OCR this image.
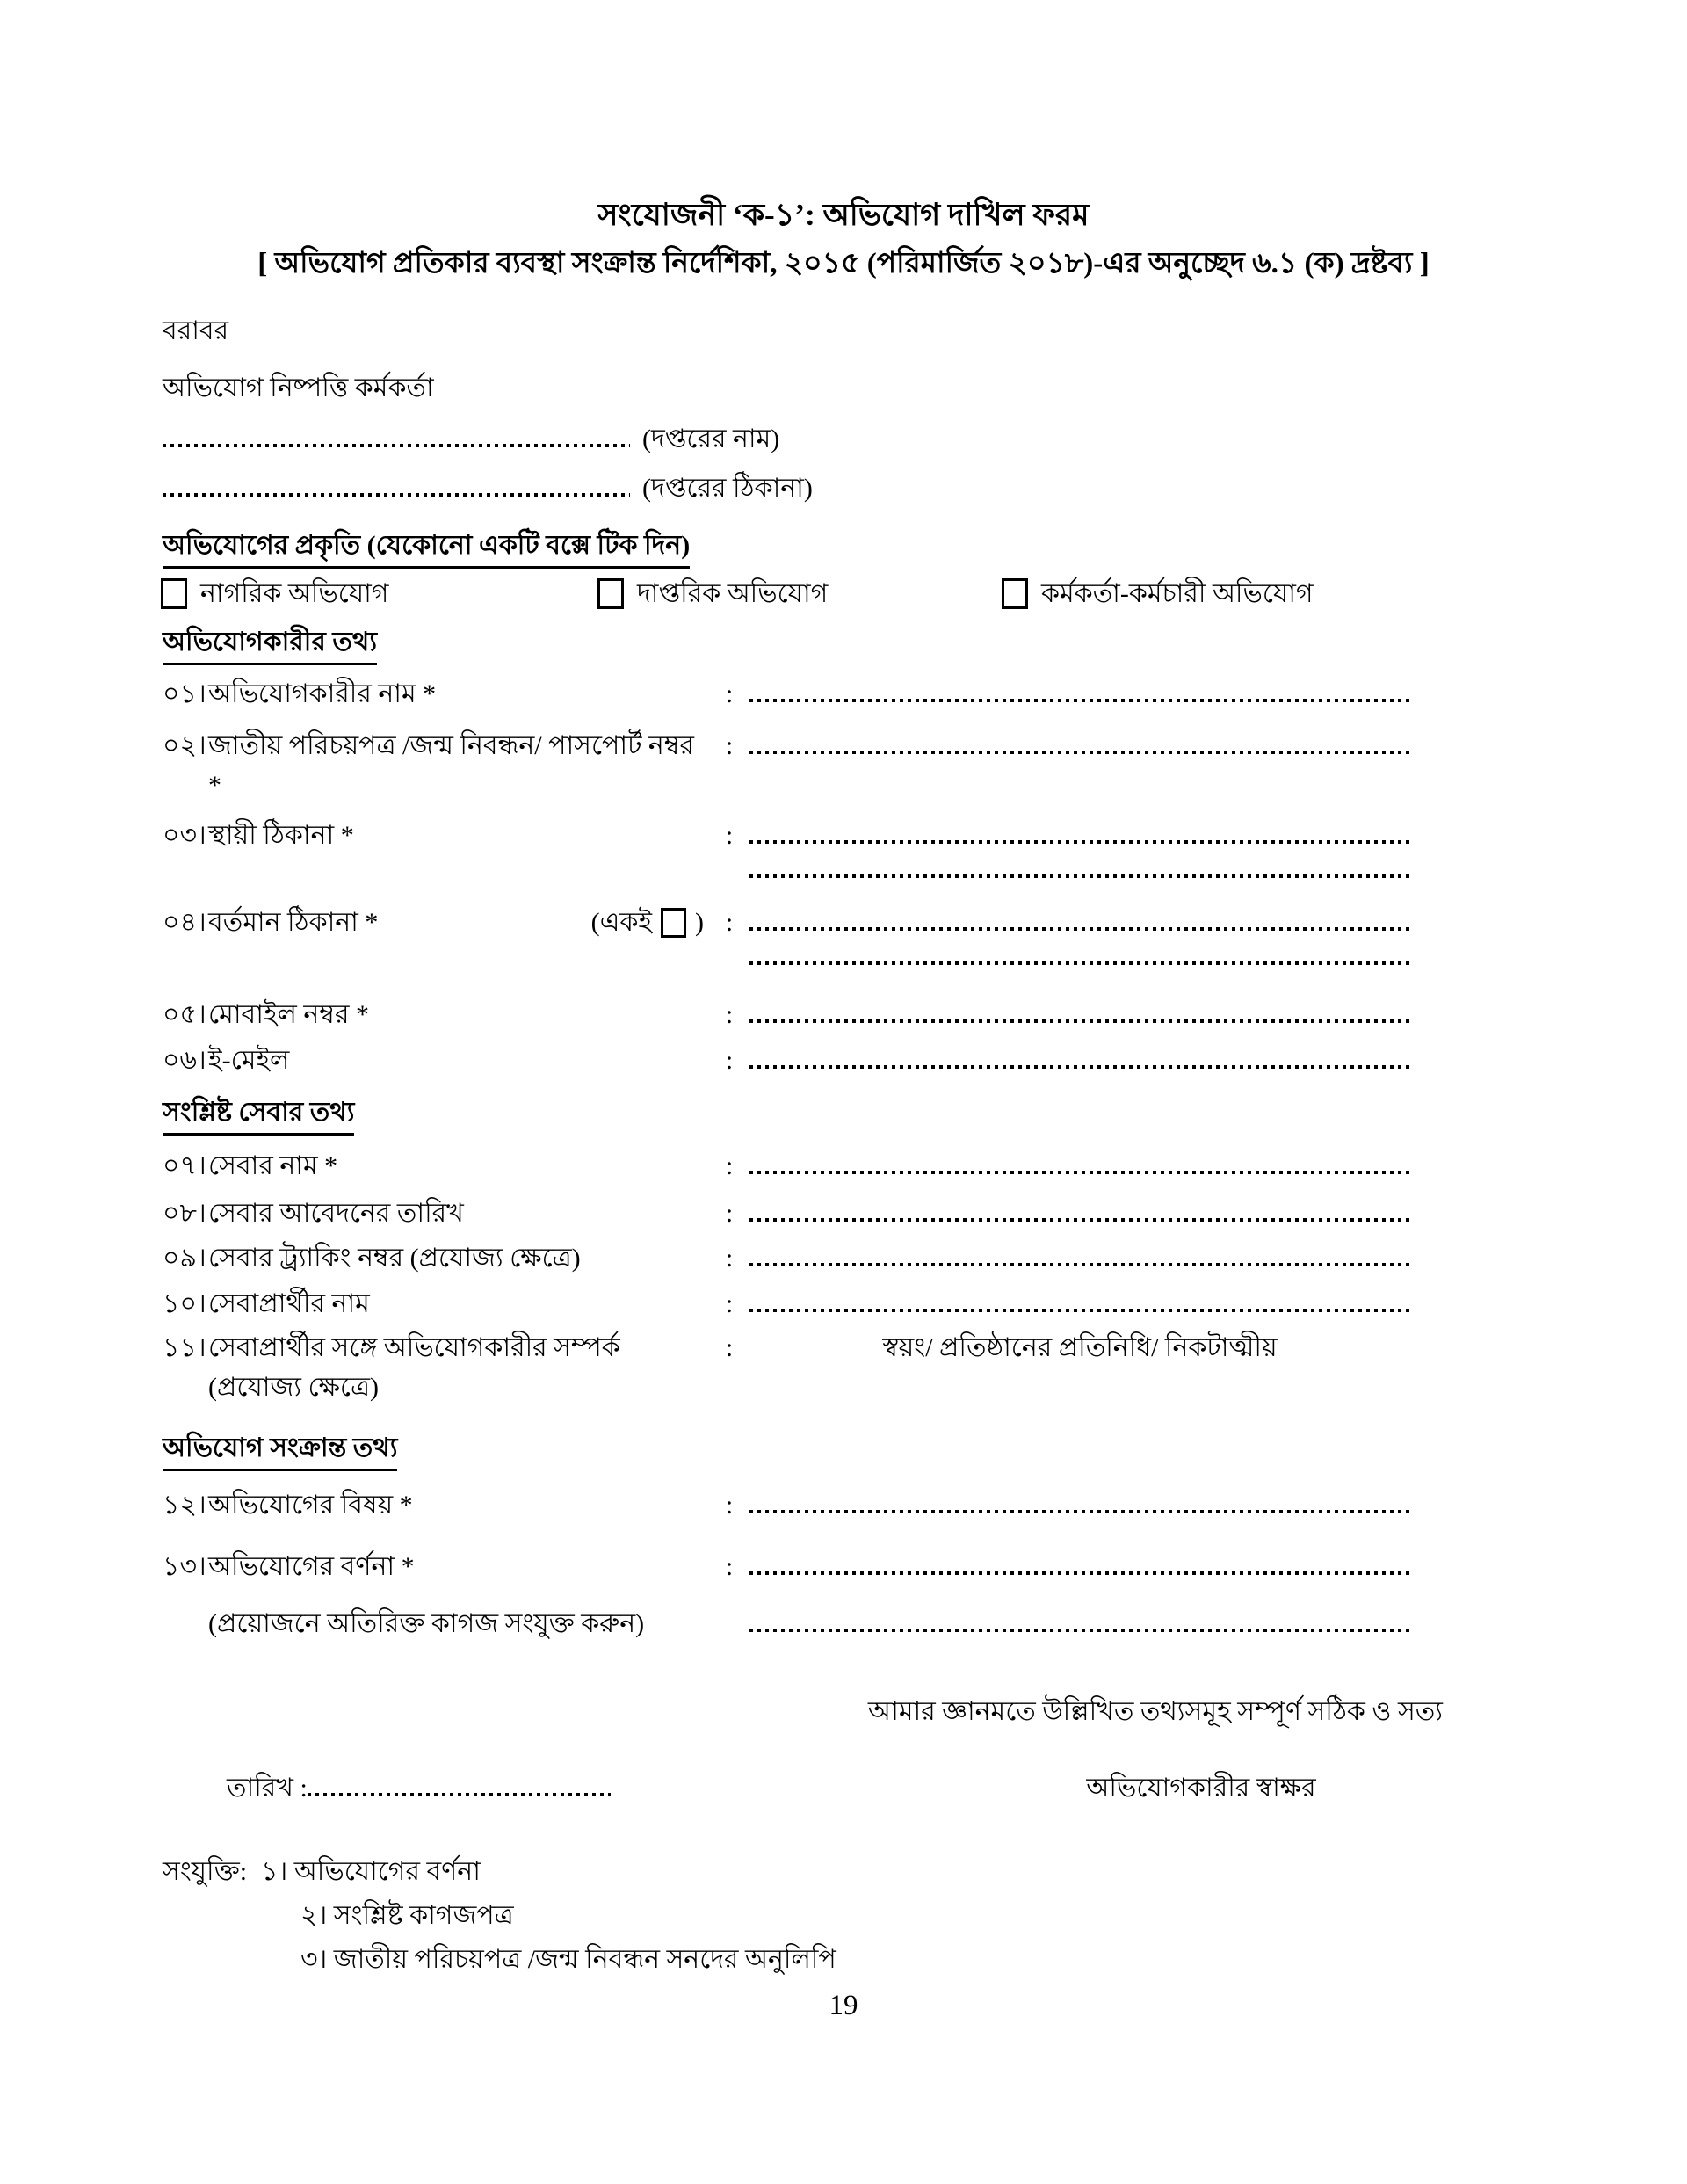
সংযোজনী ‘ক-১’: অভিযোগ দাখিল ফরম
[ অভিযোগ প্রতিকার ব্যবস্থা সংক্রান্ত নির্দেশিকা, ২০১৫ (পরিমার্জিত ২০১৮)-এর অনুচ্ছেদ ৬.১ (ক) দ্রষ্টব্য ]
বরাবর
অভিযোগ নিষ্পত্তি কর্মকর্তা
(দপ্তরের নাম)
(দপ্তরের ঠিকানা)
অভিযোগের প্রকৃতি (যেকোনো একটি বক্সে টিক দিন)
নাগরিক অভিযোগ	দাপ্তরিক অভিযোগ	কর্মকর্তা-কর্মচারী অভিযোগ
অভিযোগকারীর তথ্য
০১। অভিযোগকারীর নাম *	:
০২। জাতীয় পরিচয়পত্র /জন্ম নিবন্ধন/ পাসপোর্ট নম্বর *
:
০৩। স্থায়ী ঠিকানা *	:
০৪। বর্তমান ঠিকানা *	(একই ) :
০৫। মোবাইল নম্বর *	:
০৬। ই-মেইল	:
সংশ্লিষ্ট সেবার তথ্য
০৭। সেবার নাম *	:
০৮। সেবার আবেদনের তারিখ	:
০৯। সেবার ট্র্যাকিং নম্বর (প্রযোজ্য ক্ষেত্রে)	:
১০। সেবাপ্রার্থীর নাম	:
১১। সেবাপ্রার্থীর সঙ্গে অভিযোগকারীর সম্পর্ক
(প্রযোজ্য ক্ষেত্রে)
:	স্বয়ং/ প্রতিষ্ঠানের প্রতিনিধি/ নিকটাত্মীয়
অভিযোগ সংক্রান্ত তথ্য
১২। অভিযোগের বিষয় *	:
১৩। অভিযোগের বর্ণনা *	:
(প্রয়োজনে অতিরিক্ত কাগজ সংযুক্ত করুন)
আমার জ্ঞানমতে উল্লিখিত তথ্যসমূহ সম্পূর্ণ সঠিক ও সত্য
তারিখ :	অভিযোগকারীর স্বাক্ষর
সংযুক্তি: ১। অভিযোগের বর্ণনা
২। সংশ্লিষ্ট কাগজপত্র
৩। জাতীয় পরিচয়পত্র /জন্ম নিবন্ধন সনদের অনুলিপি
19
